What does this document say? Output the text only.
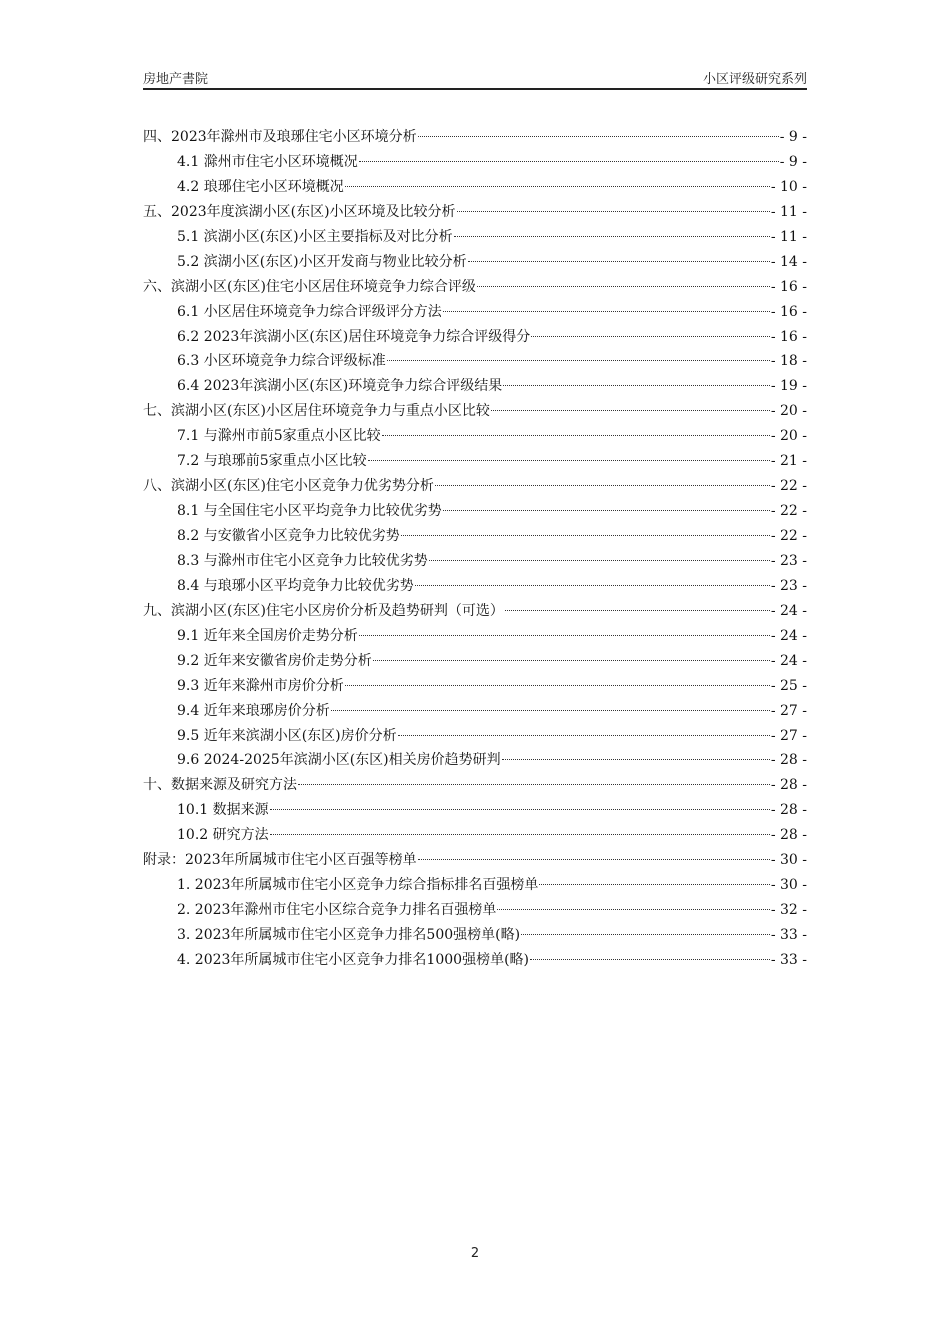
房地产書院	小区评级研究系列
四、2023年滁州市及琅琊住宅小区环境分析	- 9 -
4.1 滁州市住宅小区环境概况	- 9 -
4.2 琅琊住宅小区环境概况	- 10 -
五、2023年度滨湖小区(东区)小区环境及比较分析	- 11 -
5.1 滨湖小区(东区)小区主要指标及对比分析	- 11 -
5.2 滨湖小区(东区)小区开发商与物业比较分析	- 14 -
六、滨湖小区(东区)住宅小区居住环境竞争力综合评级	- 16 -
6.1 小区居住环境竞争力综合评级评分方法	- 16 -
6.2 2023年滨湖小区(东区)居住环境竞争力综合评级得分	- 16 -
6.3 小区环境竞争力综合评级标准	- 18 -
6.4 2023年滨湖小区(东区)环境竞争力综合评级结果	- 19 -
七、滨湖小区(东区)小区居住环境竞争力与重点小区比较	- 20 -
7.1 与滁州市前5家重点小区比较	- 20 -
7.2 与琅琊前5家重点小区比较	- 21 -
八、滨湖小区(东区)住宅小区竞争力优劣势分析	- 22 -
8.1 与全国住宅小区平均竞争力比较优劣势	- 22 -
8.2 与安徽省小区竞争力比较优劣势	- 22 -
8.3 与滁州市住宅小区竞争力比较优劣势	- 23 -
8.4 与琅琊小区平均竞争力比较优劣势	- 23 -
九、滨湖小区(东区)住宅小区房价分析及趋势研判（可选）	- 24 -
9.1 近年来全国房价走势分析	- 24 -
9.2 近年来安徽省房价走势分析	- 24 -
9.3 近年来滁州市房价分析	- 25 -
9.4 近年来琅琊房价分析	- 27 -
9.5 近年来滨湖小区(东区)房价分析	- 27 -
9.6 2024-2025年滨湖小区(东区)相关房价趋势研判	- 28 -
十、数据来源及研究方法	- 28 -
10.1 数据来源	- 28 -
10.2 研究方法	- 28 -
附录：2023年所属城市住宅小区百强等榜单	- 30 -
1. 2023年所属城市住宅小区竞争力综合指标排名百强榜单	- 30 -
2. 2023年滁州市住宅小区综合竞争力排名百强榜单	- 32 -
3. 2023年所属城市住宅小区竞争力排名500强榜单(略)	- 33 -
4. 2023年所属城市住宅小区竞争力排名1000强榜单(略)	- 33 -
2
